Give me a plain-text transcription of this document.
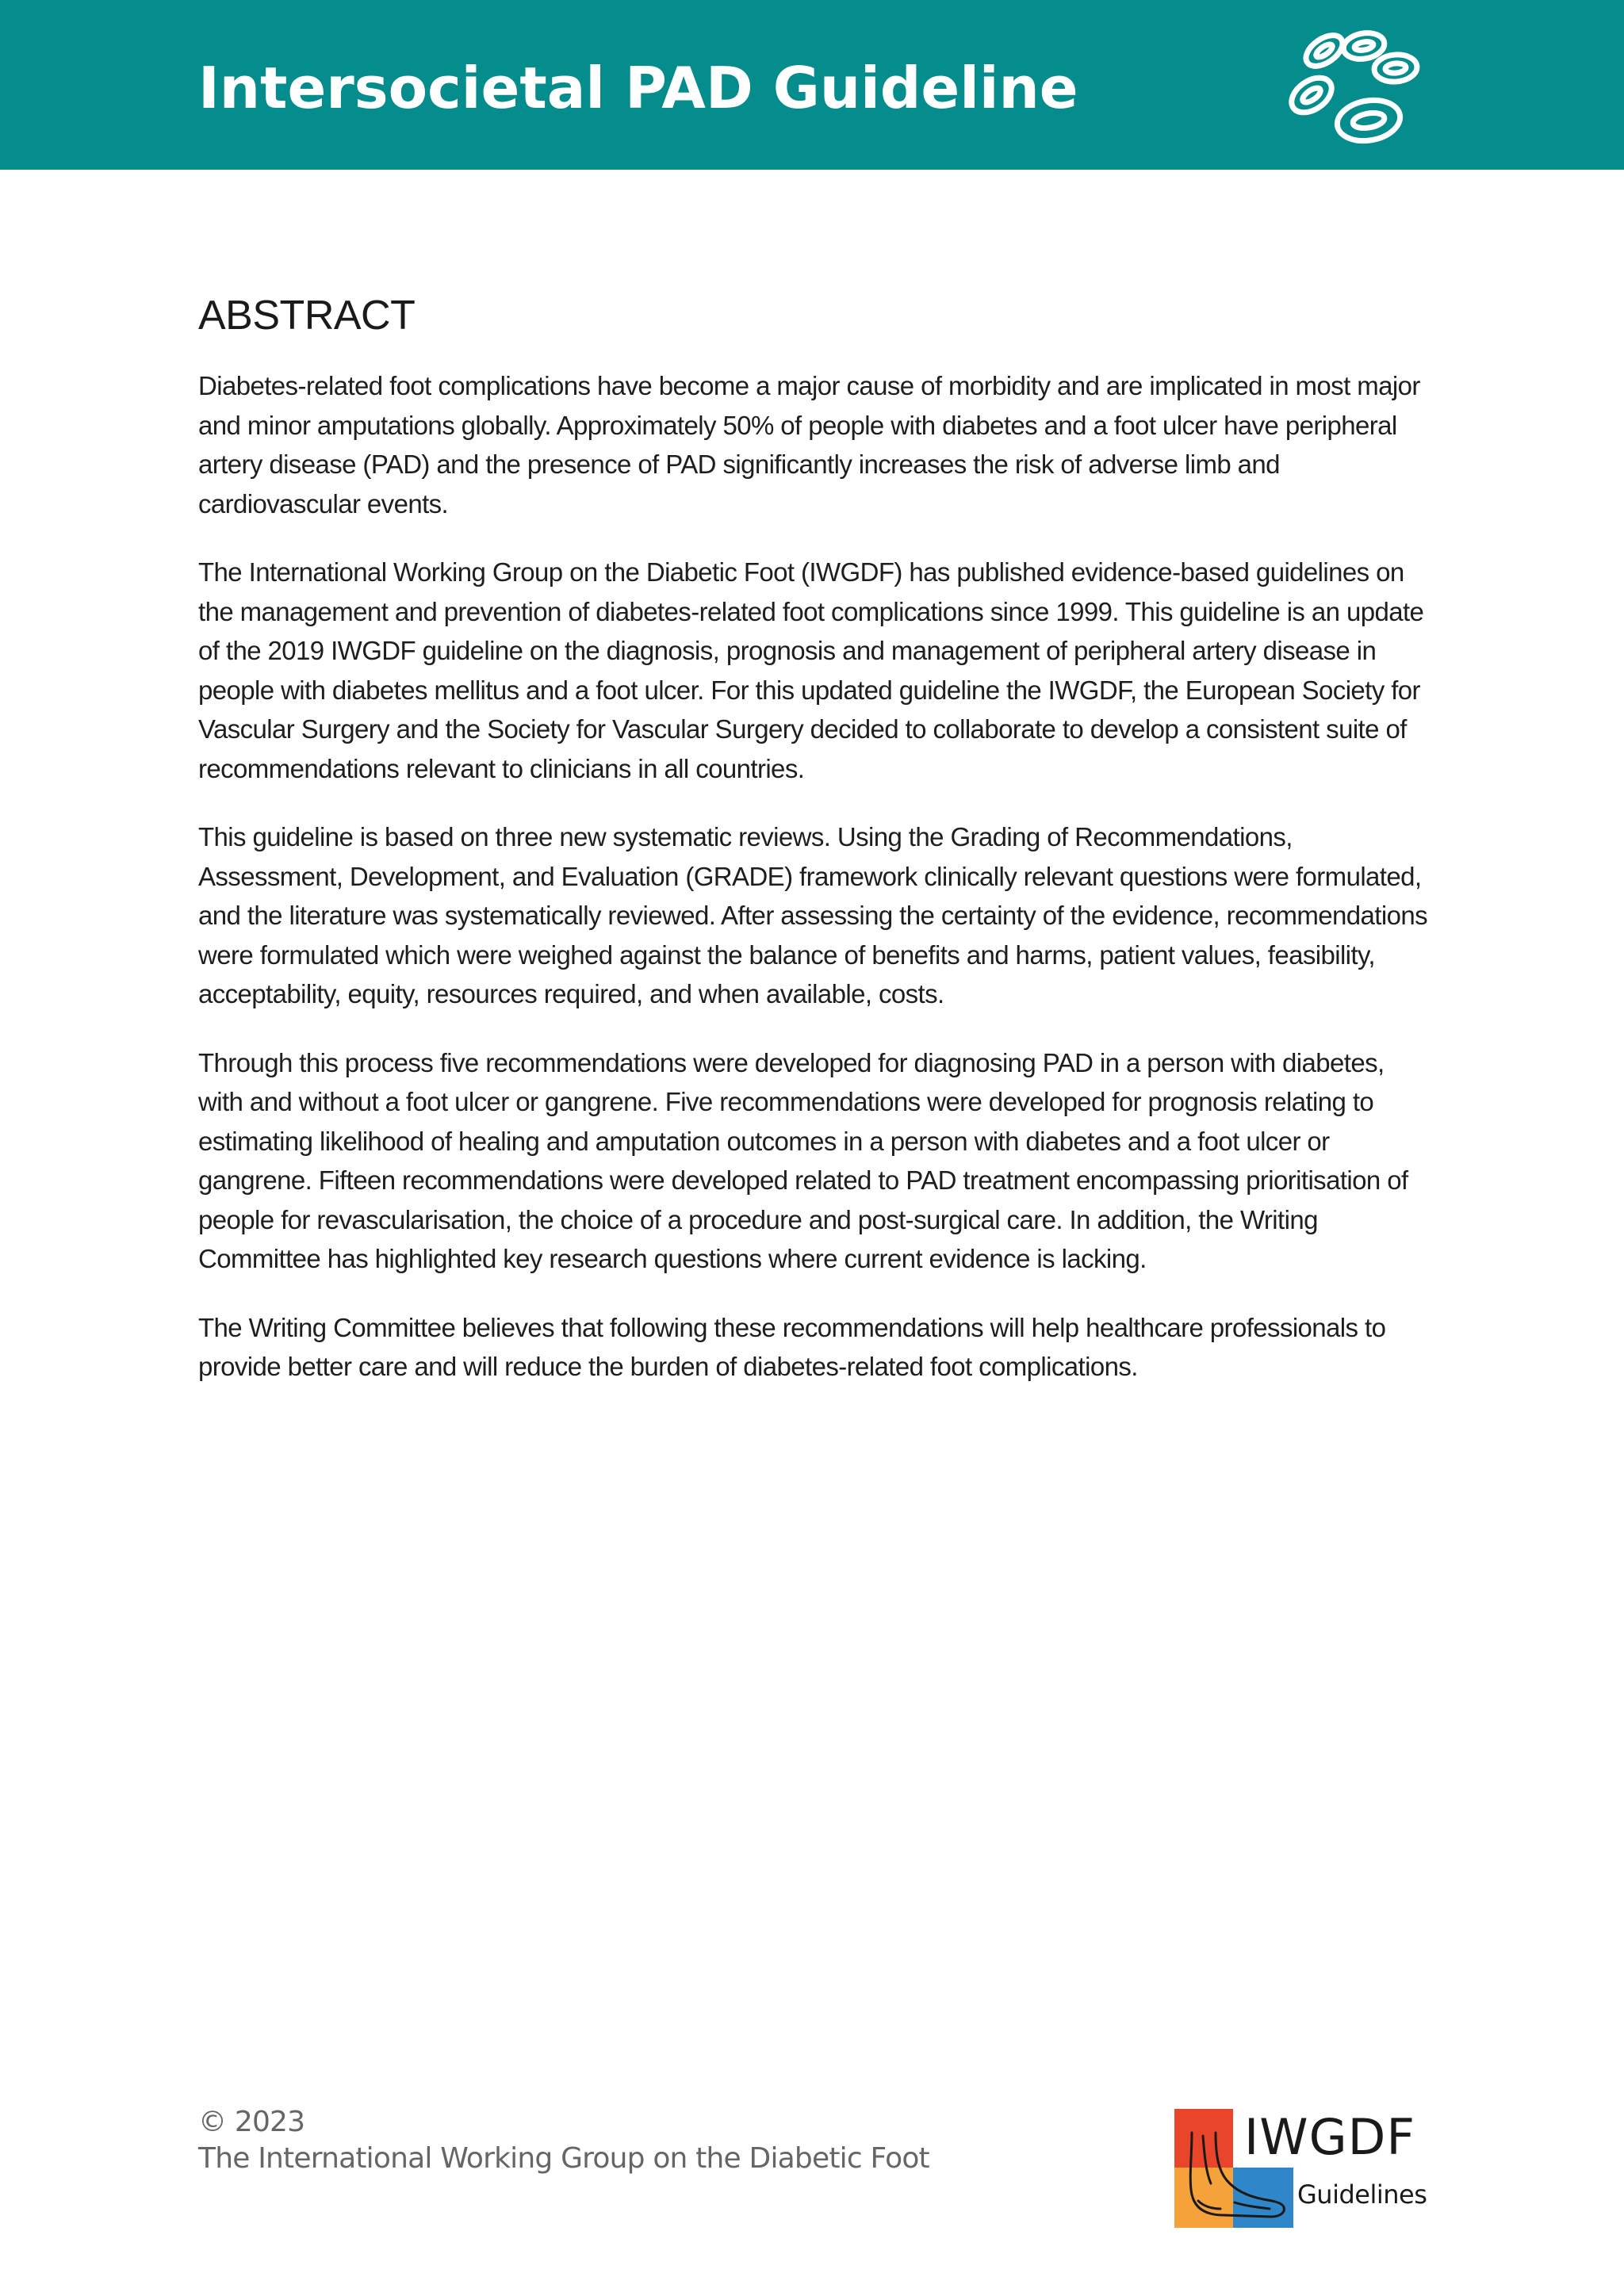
Intersocietal PAD Guideline
ABSTRACT

Diabetes-related foot complications have become a major cause of morbidity and are implicated in most major and minor amputations globally. Approximately 50% of people with diabetes and a foot ulcer have peripheral artery disease (PAD) and the presence of PAD significantly increases the risk of adverse limb and cardiovascular events.

The International Working Group on the Diabetic Foot (IWGDF) has published evidence-based guidelines on the management and prevention of diabetes-related foot complications since 1999. This guideline is an update of the 2019 IWGDF guideline on the diagnosis, prognosis and management of peripheral artery disease in people with diabetes mellitus and a foot ulcer. For this updated guideline the IWGDF, the European Society for Vascular Surgery and the Society for Vascular Surgery decided to collaborate to develop a consistent suite of recommendations relevant to clinicians in all countries.

This guideline is based on three new systematic reviews. Using the Grading of Recommendations, Assessment, Development, and Evaluation (GRADE) framework clinically relevant questions were formulated, and the literature was systematically reviewed. After assessing the certainty of the evidence, recommendations were formulated which were weighed against the balance of benefits and harms, patient values, feasibility, acceptability, equity, resources required, and when available, costs.

Through this process five recommendations were developed for diagnosing PAD in a person with diabetes, with and without a foot ulcer or gangrene. Five recommendations were developed for prognosis relating to estimating likelihood of healing and amputation outcomes in a person with diabetes and a foot ulcer or gangrene. Fifteen recommendations were developed related to PAD treatment encompassing prioritisation of people for revascularisation, the choice of a procedure and post-surgical care. In addition, the Writing Committee has highlighted key research questions where current evidence is lacking.

The Writing Committee believes that following these recommendations will help healthcare professionals to provide better care and will reduce the burden of diabetes-related foot complications.

© 2023
The International Working Group on the Diabetic Foot	IWGDF
Guidelines
